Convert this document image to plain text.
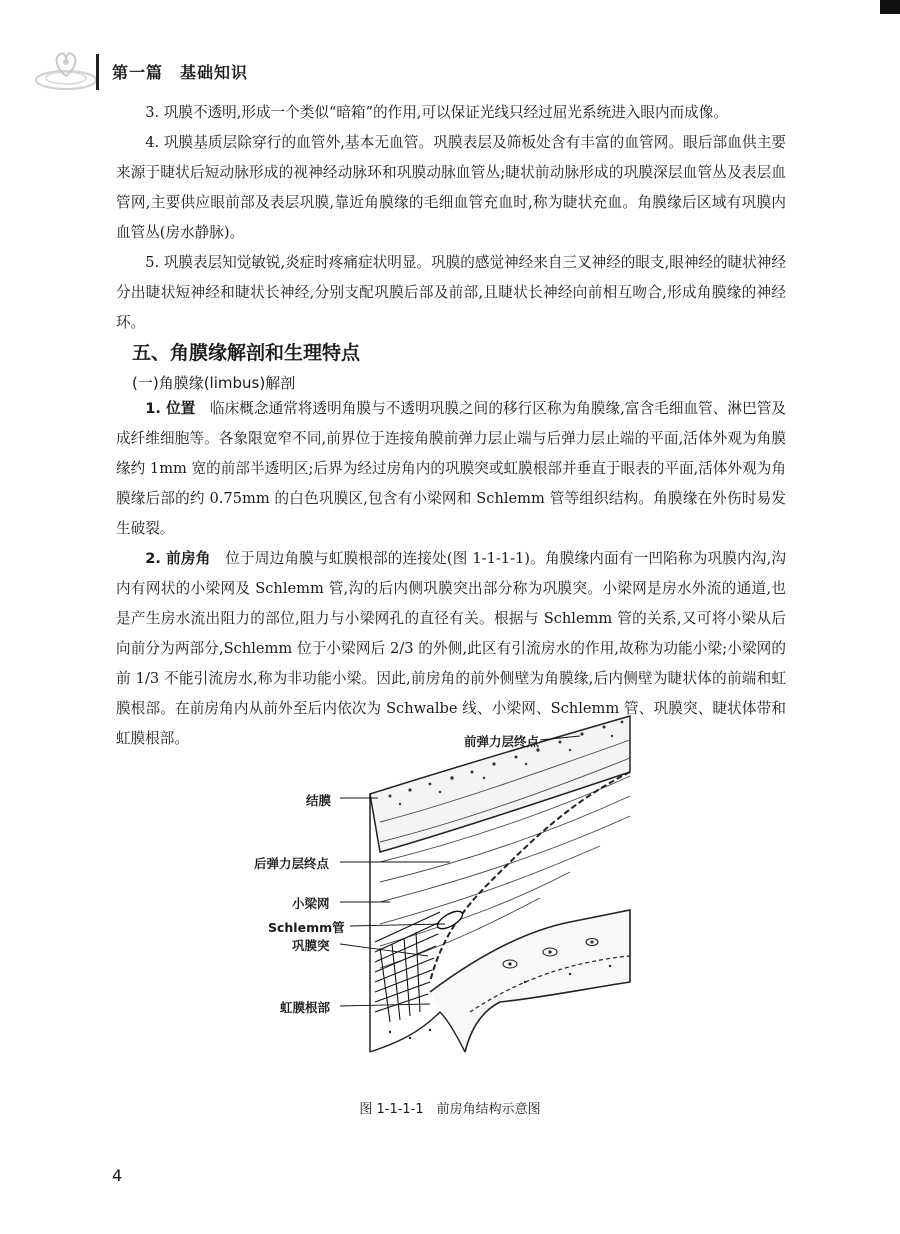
第一篇　基础知识

3. 巩膜不透明,形成一个类似“暗箱”的作用,可以保证光线只经过屈光系统进入眼内而成像。

4. 巩膜基质层除穿行的血管外,基本无血管。巩膜表层及筛板处含有丰富的血管网。眼后部血供主要来源于睫状后短动脉形成的视神经动脉环和巩膜动脉血管丛;睫状前动脉形成的巩膜深层血管丛及表层血管网,主要供应眼前部及表层巩膜,靠近角膜缘的毛细血管充血时,称为睫状充血。角膜缘后区域有巩膜内血管丛(房水静脉)。

5. 巩膜表层知觉敏锐,炎症时疼痛症状明显。巩膜的感觉神经来自三叉神经的眼支,眼神经的睫状神经分出睫状短神经和睫状长神经,分别支配巩膜后部及前部,且睫状长神经向前相互吻合,形成角膜缘的神经环。

五、角膜缘解剖和生理特点
(一)角膜缘(limbus)解剖

1. 位置　 临床概念通常将透明角膜与不透明巩膜之间的移行区称为角膜缘,富含毛细血管、淋巴管及成纤维细胞等。各象限宽窄不同,前界位于连接角膜前弹力层止端与后弹力层止端的平面,活体外观为角膜缘约 1mm 宽的前部半透明区;后界为经过房角内的巩膜突或虹膜根部并垂直于眼表的平面,活体外观为角膜缘后部的约 0.75mm 的白色巩膜区,包含有小梁网和 Schlemm 管等组织结构。角膜缘在外伤时易发生破裂。

2. 前房角　 位于周边角膜与虹膜根部的连接处(图 1-1-1-1)。角膜缘内面有一凹陷称为巩膜内沟,沟内有网状的小梁网及 Schlemm 管,沟的后内侧巩膜突出部分称为巩膜突。小梁网是房水外流的通道,也是产生房水流出阻力的部位,阻力与小梁网孔的直径有关。根据与 Schlemm 管的关系,又可将小梁从后向前分为两部分,Schlemm 位于小梁网后 2/3 的外侧,此区有引流房水的作用,故称为功能小梁;小梁网的前 1/3 不能引流房水,称为非功能小梁。因此,前房角的前外侧壁为角膜缘,后内侧壁为睫状体的前端和虹膜根部。在前房角内从前外至后内依次为 Schwalbe 线、小梁网、Schlemm 管、巩膜突、睫状体带和虹膜根部。	前弹力层终点
结膜
后弹力层终点
小梁网
Schlemm管
巩膜突
虹膜根部
图 1-1-1-1　前房角结构示意图
4
